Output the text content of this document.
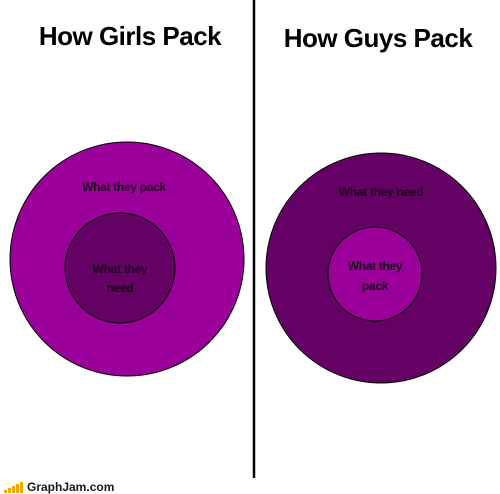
How Girls Pack
What they pack
What they
need
How Guys Pack
What they need
What they
pack
GraphJam.com
